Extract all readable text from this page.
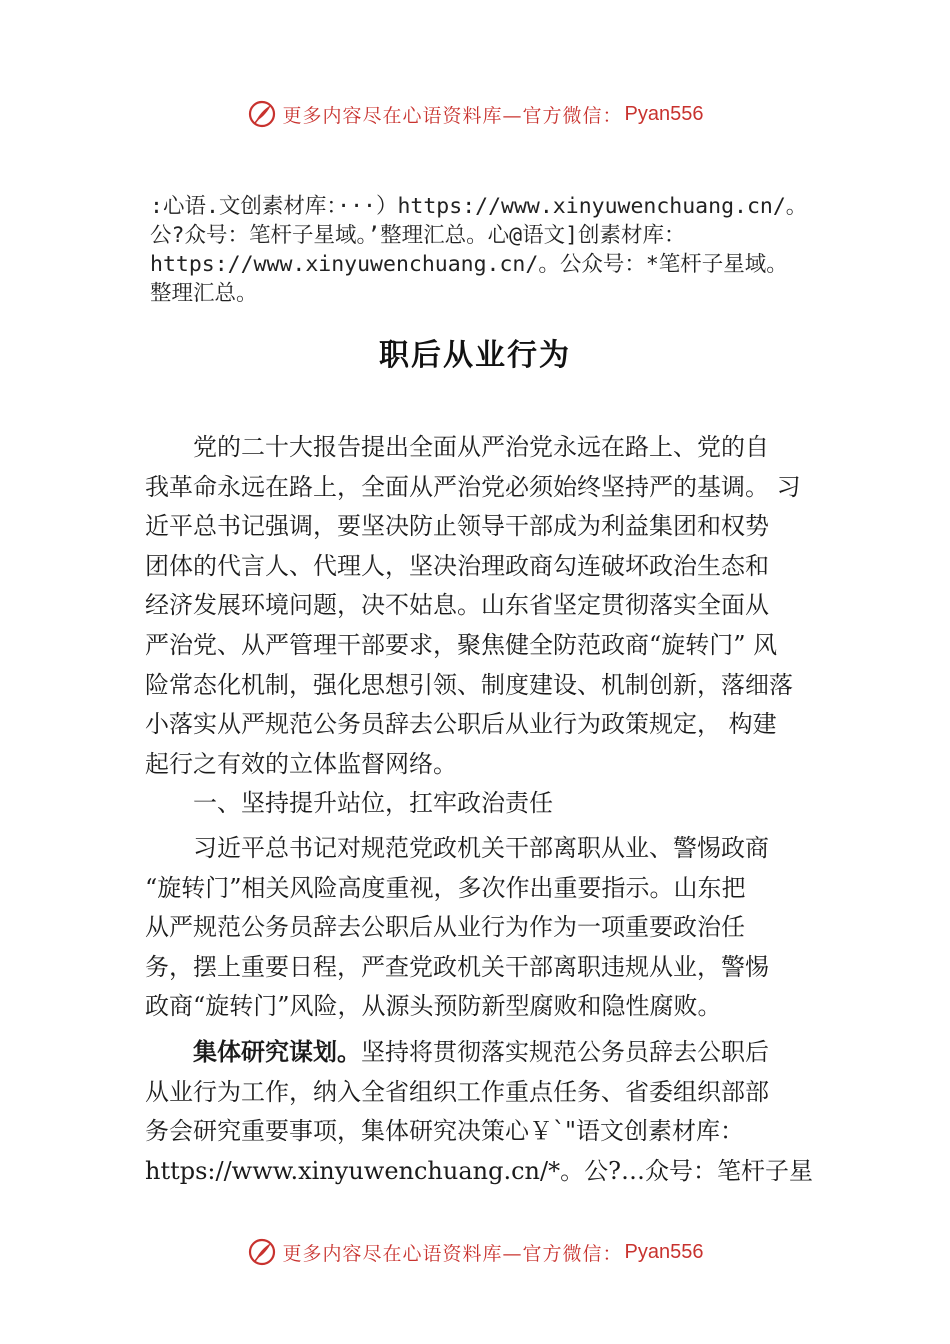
更多内容尽在心语资料库—官方微信： Pyan556
:心语.文创素材库：···）https://www.xinyuwenchuang.cn/。
公?众号：笔杆子星域。’整理汇总。心@语文]创素材库：
https://www.xinyuwenchuang.cn/。公众号：*笔杆子星域。
整理汇总。
职后从业行为
党的二十大报告提出全面从严治党永远在路上、党的自
我革命永远在路上，全面从严治党必须始终坚持严的基调。 习
近平总书记强调，要坚决防止领导干部成为利益集团和权势
团体的代言人、代理人，坚决治理政商勾连破坏政治生态和
经济发展环境问题，决不姑息。山东省坚定贯彻落实全面从
严治党、从严管理干部要求，聚焦健全防范政商“旋转门” 风
险常态化机制，强化思想引领、制度建设、机制创新，落细落
小落实从严规范公务员辞去公职后从业行为政策规定， 构建
起行之有效的立体监督网络。
一、坚持提升站位，扛牢政治责任
习近平总书记对规范党政机关干部离职从业、警惕政商
“旋转门”相关风险高度重视，多次作出重要指示。山东把
从严规范公务员辞去公职后从业行为作为一项重要政治任
务，摆上重要日程，严查党政机关干部离职违规从业，警惕
政商“旋转门”风险，从源头预防新型腐败和隐性腐败。
集体研究谋划。坚持将贯彻落实规范公务员辞去公职后
从业行为工作，纳入全省组织工作重点任务、省委组织部部
务会研究重要事项，集体研究决策心￥`"语文创素材库：
https://www.xinyuwenchuang.cn/*。公?…众号：笔杆子星
更多内容尽在心语资料库—官方微信： Pyan556
